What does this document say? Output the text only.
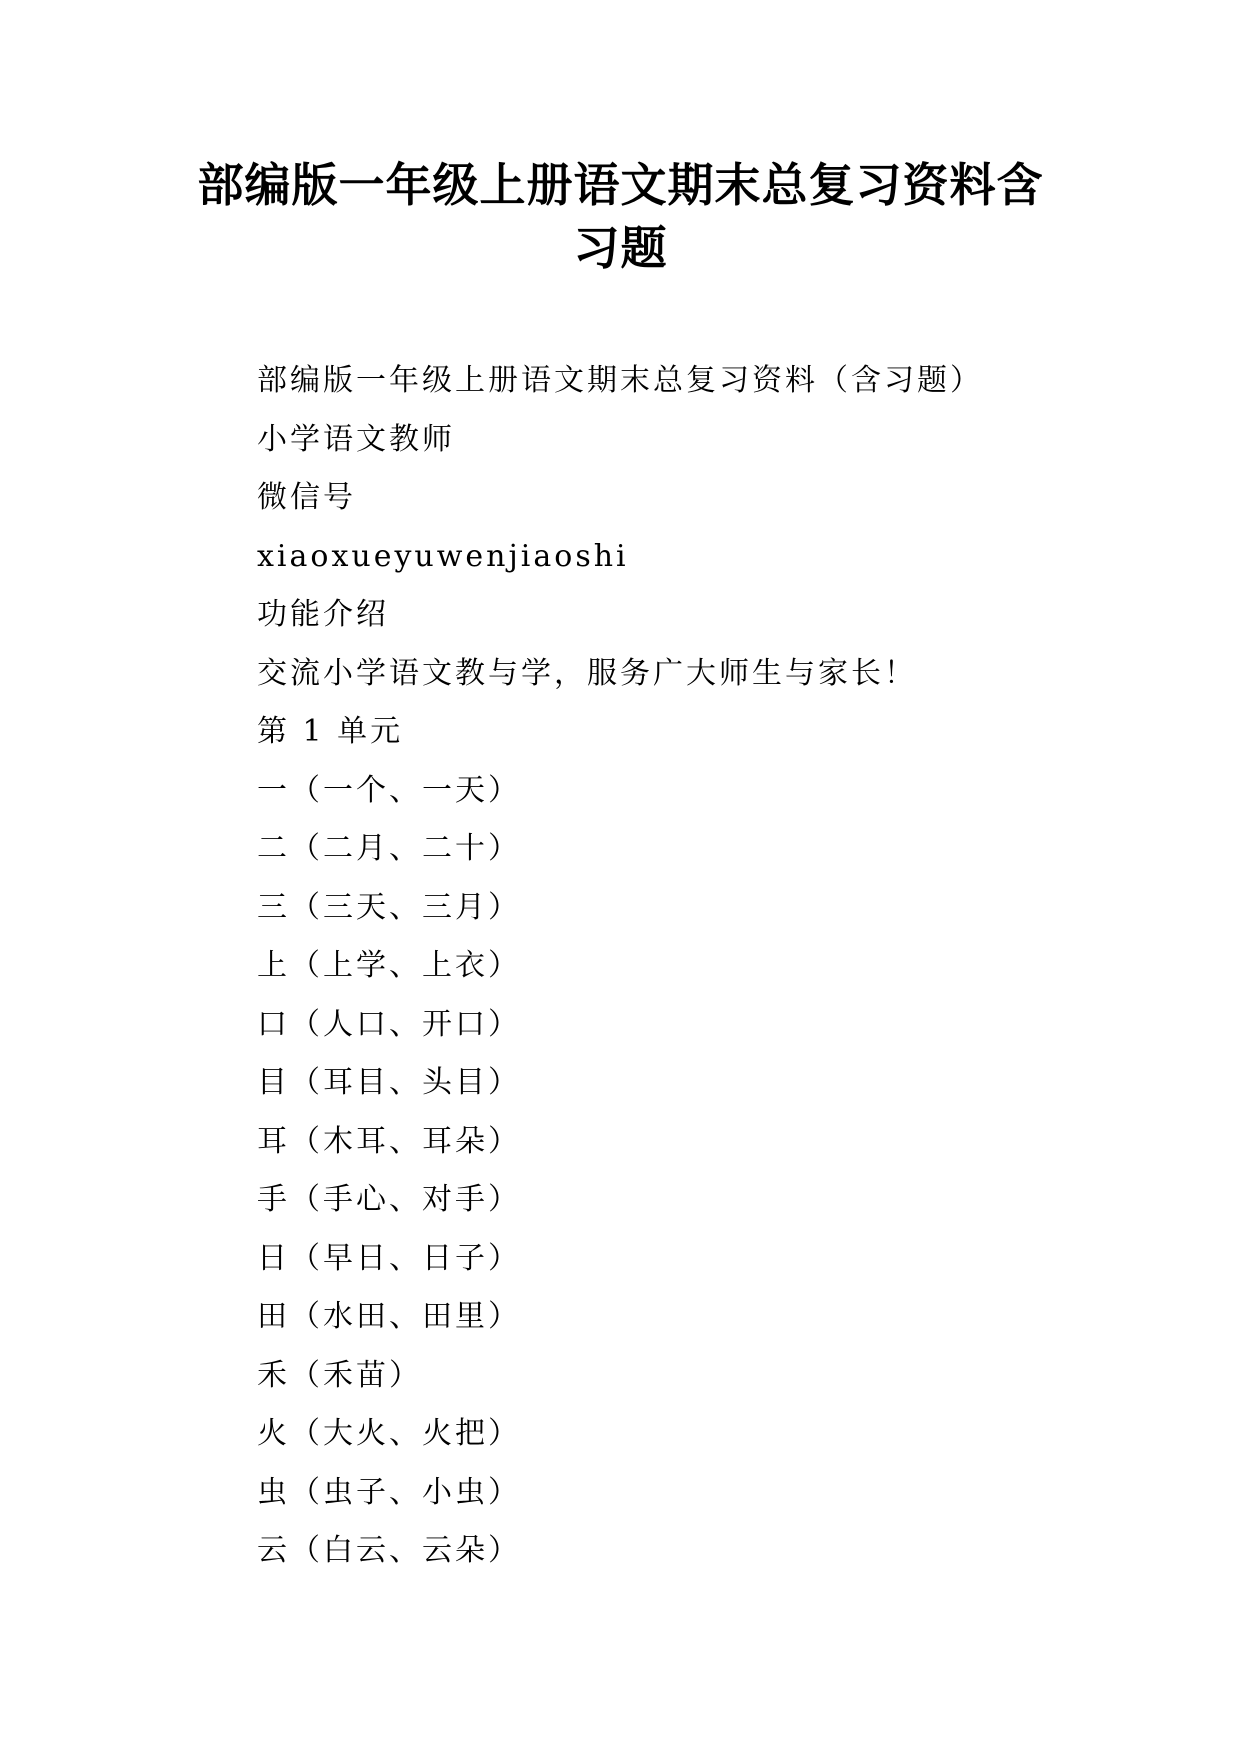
部编版一年级上册语文期末总复习资料含
习题
部编版一年级上册语文期末总复习资料（含习题）
小学语文教师
微信号
xiaoxueyuwenjiaoshi
功能介绍
交流小学语文教与学，服务广大师生与家长！
第 1 单元
一（一个、一天）
二（二月、二十）
三（三天、三月）
上（上学、上衣）
口（人口、开口）
目（耳目、头目）
耳（木耳、耳朵）
手（手心、对手）
日（早日、日子）
田（水田、田里）
禾（禾苗）
火（大火、火把）
虫（虫子、小虫）
云（白云、云朵）
